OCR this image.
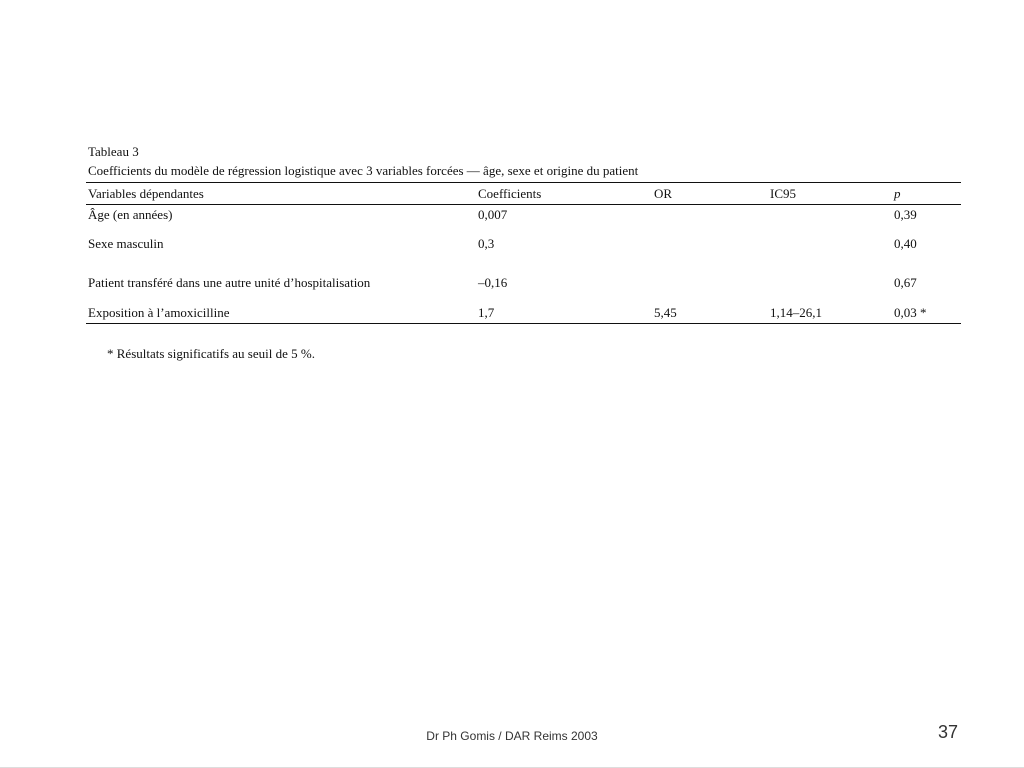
Tableau 3
Coefficients du modèle de régression logistique avec 3 variables forcées — âge, sexe et origine du patient
Variables dépendantes	Coefficients	OR	IC95	p
Âge (en années)	0,007			0,39
Sexe masculin	0,3			0,40
Patient transféré dans une autre unité d’hospitalisation	–0,16			0,67
Exposition à l’amoxicilline	1,7	5,45	1,14–26,1	0,03 *
* Résultats significatifs au seuil de 5 %.
Dr Ph Gomis / DAR Reims 2003	37
